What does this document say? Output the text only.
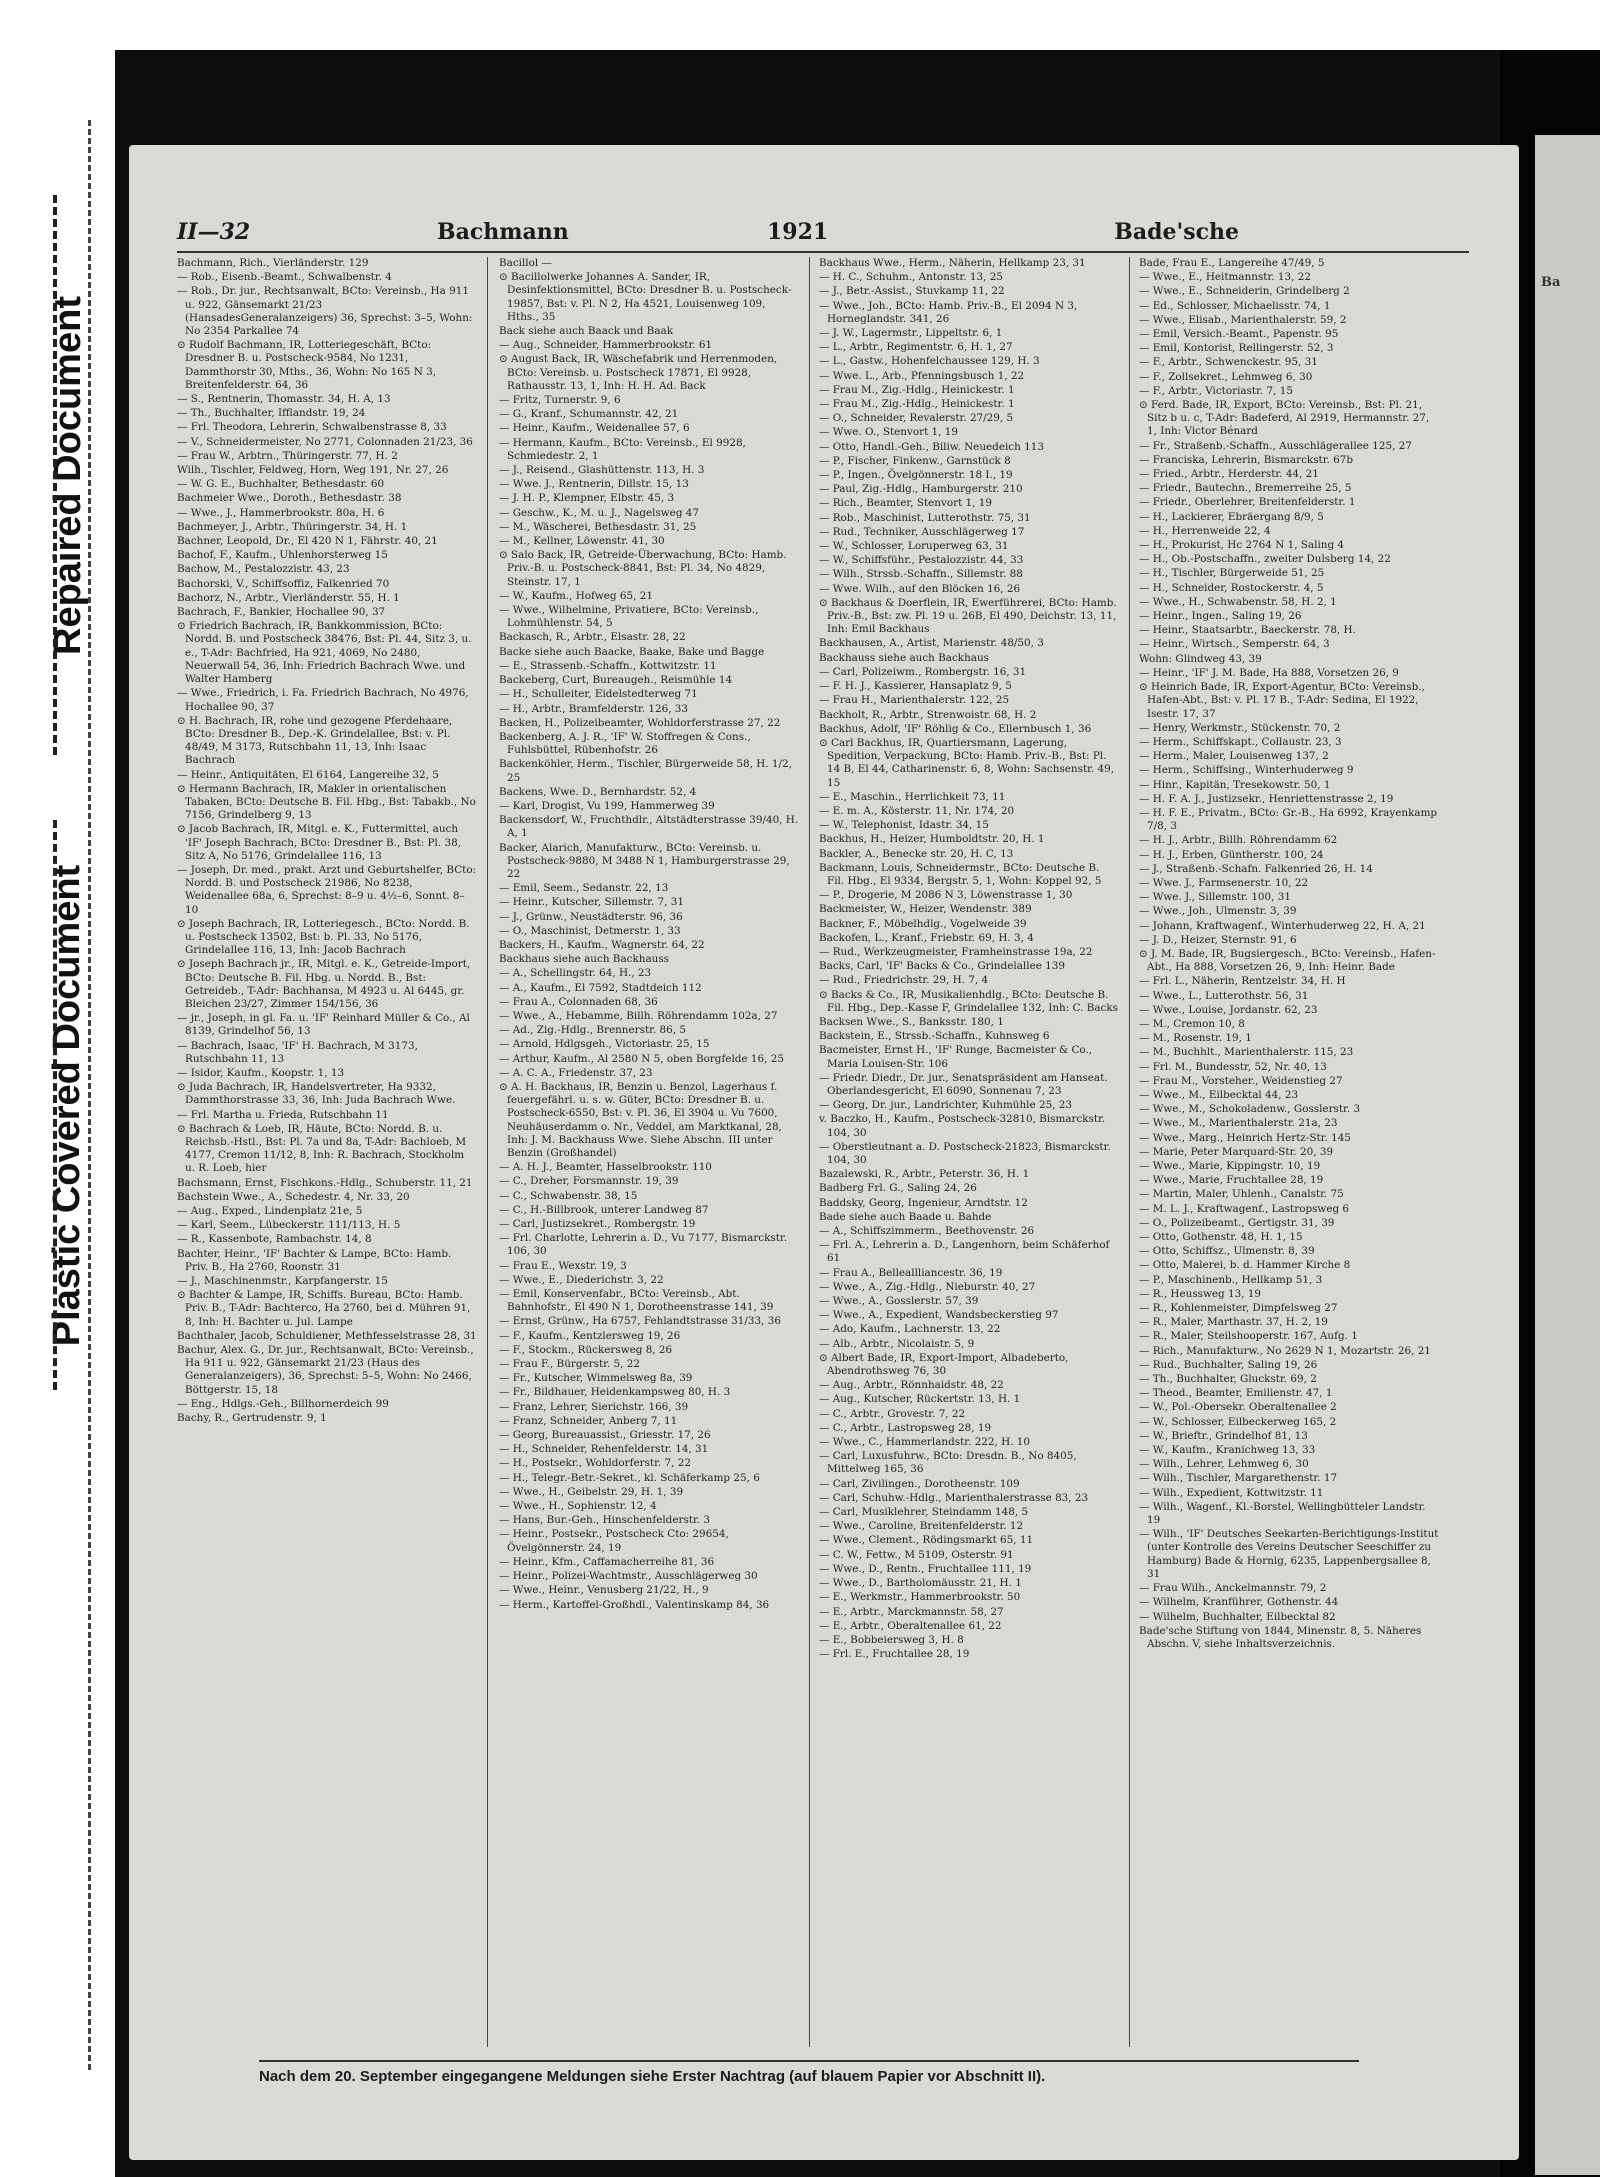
Repaired Document
Plastic Covered Document
Ba
II—32	Bachmann	1921	Bade'sche

Bachmann, Rich., Vierländerstr. 129

— Rob., Eisenb.-Beamt., Schwalbenstr. 4

— Rob., Dr. jur., Rechtsanwalt, BCto: Vereinsb., Ha 911 u. 922, Gänsemarkt 21/23 (HansadesGeneralanzeigers) 36, Sprechst: 3–5, Wohn: No 2354 Parkallee 74

⊙ Rudolf Bachmann, IR, Lotteriegeschäft, BCto: Dresdner B. u. Postscheck-9584, No 1231, Dammthorstr 30, Mths., 36, Wohn: No 165 N 3, Breitenfelderstr. 64, 36

— S., Rentnerin, Thomasstr. 34, H. A, 13

— Th., Buchhalter, Ifflandstr. 19, 24

— Frl. Theodora, Lehrerin, Schwalbenstrasse 8, 33

— V., Schneidermeister, No 2771, Colonnaden 21/23, 36

— Frau W., Arbtrn., Thüringerstr. 77, H. 2

Wilh., Tischler, Feldweg, Horn, Weg 191, Nr. 27, 26

— W. G. E., Buchhalter, Bethesdastr. 60

Bachmeier Wwe., Doroth., Bethesdastr. 38

— Wwe., J., Hammerbrookstr. 80a, H. 6

Bachmeyer, J., Arbtr., Thüringerstr. 34, H. 1

Bachner, Leopold, Dr., El 420 N 1, Fährstr. 40, 21

Bachof, F., Kaufm., Uhlenhorsterweg 15

Bachow, M., Pestalozzistr. 43, 23

Bachorski, V., Schiffsoffiz, Falkenried 70

Bachorz, N., Arbtr., Vierländerstr. 55, H. 1

Bachrach, F., Bankier, Hochallee 90, 37

⊙ Friedrich Bachrach, IR, Bankkommission, BCto: Nordd. B. und Postscheck 38476, Bst: Pl. 44, Sitz 3, u. e., T-Adr: Bachfried, Ha 921, 4069, No 2480, Neuerwall 54, 36, Inh: Friedrich Bachrach Wwe. und Walter Hamberg

— Wwe., Friedrich, i. Fa. Friedrich Bachrach, No 4976, Hochallee 90, 37

⊙ H. Bachrach, IR, rohe und gezogene Pferdehaare, BCto: Dresdner B., Dep.-K. Grindelallee, Bst: v. Pl. 48/49, M 3173, Rutschbahn 11, 13, Inh: Isaac Bachrach

— Heinr., Antiquitäten, El 6164, Langereihe 32, 5

⊙ Hermann Bachrach, IR, Makler in orientalischen Tabaken, BCto: Deutsche B. Fil. Hbg., Bst: Tabakb., No 7156, Grindelberg 9, 13

⊙ Jacob Bachrach, IR, Mitgl. e. K., Futtermittel, auch 'IF' Joseph Bachrach, BCto: Dresdner B., Bst: Pl. 38, Sitz A, No 5176, Grindelallee 116, 13

— Joseph, Dr. med., prakt. Arzt und Geburtshelfer, BCto: Nordd. B. und Postscheck 21986, No 8238, Weidenallee 68a, 6, Sprechst: 8–9 u. 4½–6, Sonnt. 8–10

⊙ Joseph Bachrach, IR, Lotteriegesch., BCto: Nordd. B. u. Postscheck 13502, Bst: b. Pl. 33, No 5176, Grindelallee 116, 13, Inh: Jacob Bachrach

⊙ Joseph Bachrach jr., IR, Mitgl. e. K., Getreide-Import, BCto: Deutsche B. Fil. Hbg. u. Nordd. B., Bst: Getreideb., T-Adr: Bachhansa, M 4923 u. Al 6445, gr. Bleichen 23/27, Zimmer 154/156, 36

— jr., Joseph, in gl. Fa. u. 'IF' Reinhard Müller & Co., Al 8139, Grindelhof 56, 13

— Bachrach, Isaac, 'IF' H. Bachrach, M 3173, Rutschbahn 11, 13

— Isidor, Kaufm., Koopstr. 1, 13

⊙ Juda Bachrach, IR, Handelsvertreter, Ha 9332, Dammthorstrasse 33, 36, Inh: Juda Bachrach Wwe.

— Frl. Martha u. Frieda, Rutschbahn 11

⊙ Bachrach & Loeb, IR, Häute, BCto: Nordd. B. u. Reichsb.-Hstl., Bst: Pl. 7a und 8a, T-Adr: Bachloeb, M 4177, Cremon 11/12, 8, Inh: R. Bachrach, Stockholm u. R. Loeb, hier

Bachsmann, Ernst, Fischkons.-Hdlg., Schuberstr. 11, 21

Bachstein Wwe., A., Schedestr. 4, Nr. 33, 20

— Aug., Exped., Lindenplatz 21e, 5

— Karl, Seem., Lübeckerstr. 111/113, H. 5

— R., Kassenbote, Rambachstr. 14, 8

Bachter, Heinr., 'IF' Bachter & Lampe, BCto: Hamb. Priv. B., Ha 2760, Roonstr. 31

— J., Maschinenmstr., Karpfangerstr. 15

⊙ Bachter & Lampe, IR, Schiffs. Bureau, BCto: Hamb. Priv. B., T-Adr: Bachterco, Ha 2760, bei d. Mühren 91, 8, Inh: H. Bachter u. Jul. Lampe

Bachthaler, Jacob, Schuldiener, Methfesselstrasse 28, 31

Bachur, Alex. G., Dr. jur., Rechtsanwalt, BCto: Vereinsb., Ha 911 u. 922, Gänsemarkt 21/23 (Haus des Generalanzeigers), 36, Sprechst: 5–5, Wohn: No 2466, Böttgerstr. 15, 18

— Eng., Hdlgs.-Geh., Billhornerdeich 99

Bachy, R., Gertrudenstr. 9, 1

Bacillol —

⊙ Bacillolwerke Johannes A. Sander, IR, Desinfektionsmittel, BCto: Dresdner B. u. Postscheck-19857, Bst: v. Pl. N 2, Ha 4521, Louisenweg 109, Hths., 35

Back siehe auch Baack und Baak

— Aug., Schneider, Hammerbrookstr. 61

⊙ August Back, IR, Wäschefabrik und Herrenmoden, BCto: Vereinsb. u. Postscheck 17871, El 9928, Rathausstr. 13, 1, Inh: H. H. Ad. Back

— Fritz, Turnerstr. 9, 6

— G., Kranf., Schumannstr. 42, 21

— Heinr., Kaufm., Weidenallee 57, 6

— Hermann, Kaufm., BCto: Vereinsb., El 9928, Schmiedestr. 2, 1

— J., Reisend., Glashüttenstr. 113, H. 3

— Wwe. J., Rentnerin, Dillstr. 15, 13

— J. H. P., Klempner, Elbstr. 45, 3

— Geschw., K., M. u. J., Nagelsweg 47

— M., Wäscherei, Bethesdastr. 31, 25

— M., Kellner, Löwenstr. 41, 30

⊙ Salo Back, IR, Getreide-Überwachung, BCto: Hamb. Priv.-B. u. Postscheck-8841, Bst: Pl. 34, No 4829, Steinstr. 17, 1

— W., Kaufm., Hofweg 65, 21

— Wwe., Wilhelmine, Privatiere, BCto: Vereinsb., Lohmühlenstr. 54, 5

Backasch, R., Arbtr., Elsastr. 28, 22

Backe siehe auch Baacke, Baake, Bake und Bagge

— E., Strassenb.-Schaffn., Kottwitzstr. 11

Backeberg, Curt, Bureaugeh., Reismühle 14

— H., Schulleiter, Eidelstedterweg 71

— H., Arbtr., Bramfelderstr. 126, 33

Backen, H., Polizeibeamter, Wohldorferstrasse 27, 22

Backenberg, A. J. R., 'IF' W. Stoffregen & Cons., Fuhlsbüttel, Rübenhofstr. 26

Backenköhler, Herm., Tischler, Bürgerweide 58, H. 1/2, 25

Backens, Wwe. D., Bernhardstr. 52, 4

— Karl, Drogist, Vu 199, Hammerweg 39

Backensdorf, W., Fruchthdlr., Altstädterstrasse 39/40, H. A, 1

Backer, Alarich, Manufakturw., BCto: Vereinsb. u. Postscheck-9880, M 3488 N 1, Hamburgerstrasse 29, 22

— Emil, Seem., Sedanstr. 22, 13

— Heinr., Kutscher, Sillemstr. 7, 31

— J., Grünw., Neustädterstr. 96, 36

— O., Maschinist, Detmerstr. 1, 33

Backers, H., Kaufm., Wagnerstr. 64, 22

Backhaus siehe auch Backhauss

— A., Schellingstr. 64, H., 23

— A., Kaufm., El 7592, Stadtdeich 112

— Frau A., Colonnaden 68, 36

— Wwe., A., Hebamme, Billh. Röhrendamm 102a, 27

— Ad., Zig.-Hdlg., Brennerstr. 86, 5

— Arnold, Hdlgsgeh., Victoriastr. 25, 15

— Arthur, Kaufm., Al 2580 N 5, oben Borgfelde 16, 25

— A. C. A., Friedenstr. 37, 23

⊙ A. H. Backhaus, IR, Benzin u. Benzol, Lagerhaus f. feuergefährl. u. s. w. Güter, BCto: Dresdner B. u. Postscheck-6550, Bst: v. Pl. 36, El 3904 u. Vu 7600, Neuhäuserdamm o. Nr., Veddel, am Marktkanal, 28, Inh: J. M. Backhauss Wwe. Siehe Abschn. III unter Benzin (Großhandel)

— A. H. J., Beamter, Hasselbrookstr. 110

— C., Dreher, Forsmannstr. 19, 39

— C., Schwabenstr. 38, 15

— C., H.-Billbrook, unterer Landweg 87

— Carl, Justizsekret., Rombergstr. 19

— Frl. Charlotte, Lehrerin a. D., Vu 7177, Bismarckstr. 106, 30

— Frau E., Wexstr. 19, 3

— Wwe., E., Diederichstr. 3, 22

— Emil, Konservenfabr., BCto: Vereinsb., Abt. Bahnhofstr., El 490 N 1, Dorotheenstrasse 141, 39

— Ernst, Grünw., Ha 6757, Fehlandtstrasse 31/33, 36

— F., Kaufm., Kentzlersweg 19, 26

— F., Stockm., Rückersweg 8, 26

— Frau F., Bürgerstr. 5, 22

— Fr., Kutscher, Wimmelsweg 8a, 39

— Fr., Bildhauer, Heidenkampsweg 80, H. 3

— Franz, Lehrer, Sierichstr. 166, 39

— Franz, Schneider, Anberg 7, 11

— Georg, Bureauassist., Griesstr. 17, 26

— H., Schneider, Rehenfelderstr. 14, 31

— H., Postsekr., Wohldorferstr. 7, 22

— H., Telegr.-Betr.-Sekret., kl. Schäferkamp 25, 6

— Wwe., H., Geibelstr. 29, H. 1, 39

— Wwe., H., Sophienstr. 12, 4

— Hans, Bur.-Geh., Hinschenfelderstr. 3

— Heinr., Postsekr., Postscheck Cto: 29654, Övelgönnerstr. 24, 19

— Heinr., Kfm., Caffamacherreihe 81, 36

— Heinr., Polizei-Wachtmstr., Ausschlägerweg 30

— Wwe., Heinr., Venusberg 21/22, H., 9

— Herm., Kartoffel-Großhdl., Valentinskamp 84, 36

Backhaus Wwe., Herm., Näherin, Hellkamp 23, 31

— H. C., Schuhm., Antonstr. 13, 25

— J., Betr.-Assist., Stuvkamp 11, 22

— Wwe., Joh., BCto: Hamb. Priv.-B., El 2094 N 3, Horneglandstr. 341, 26

— J. W., Lagermstr., Lippeltstr. 6, 1

— L., Arbtr., Regimentstr. 6, H. 1, 27

— L., Gastw., Hohenfelchaussee 129, H. 3

— Wwe. L., Arb., Pfenningsbusch 1, 22

— Frau M., Zig.-Hdlg., Heinickestr. 1

— Frau M., Zig.-Hdlg., Heinickestr. 1

— O., Schneider, Revalerstr. 27/29, 5

— Wwe. O., Stenvort 1, 19

— Otto, Handl.-Geh., Biliw. Neuedeich 113

— P., Fischer, Finkenw., Garnstück 8

— P., Ingen., Övelgönnerstr. 18 I., 19

— Paul, Zig.-Hdlg., Hamburgerstr. 210

— Rich., Beamter, Stenvort 1, 19

— Rob., Maschinist, Lutterothstr. 75, 31

— Rud., Techniker, Ausschlägerweg 17

— W., Schlosser, Loruperweg 63, 31

— W., Schiffsführ., Pestalozzistr. 44, 33

— Wilh., Strssb.-Schaffn., Sillemstr. 88

— Wwe. Wilh., auf den Blöcken 16, 26

⊙ Backhaus & Doerflein, IR, Ewerführerei, BCto: Hamb. Priv.-B., Bst: zw. Pl. 19 u. 26B, El 490, Deichstr. 13, 11, Inh: Emil Backhaus

Backhausen, A., Artist, Marienstr. 48/50, 3

Backhauss siehe auch Backhaus

— Carl, Polizeiwm., Rombergstr. 16, 31

— F. H. J., Kassierer, Hansaplatz 9, 5

— Frau H., Marienthalerstr. 122, 25

Backholt, R., Arbtr., Strenwoistr. 68, H. 2

Backhus, Adolf, 'IF' Röhlig & Co., Ellernbusch 1, 36

⊙ Carl Backhus, IR, Quartiersmann, Lagerung, Spedition, Verpackung, BCto: Hamb. Priv.-B., Bst: Pl. 14 B, El 44, Catharinenstr. 6, 8, Wohn: Sachsenstr. 49, 15

— E., Maschin., Herrlichkeit 73, 11

— E. m. A., Kösterstr. 11, Nr. 174, 20

— W., Telephonist, Idastr. 34, 15

Backhus, H., Heizer, Humboldtstr. 20, H. 1

Backler, A., Benecke str. 20, H. C, 13

Backmann, Louis, Schneidermstr., BCto: Deutsche B. Fil. Hbg., El 9334, Bergstr. 5, 1, Wohn: Koppel 92, 5

— P., Drogerie, M 2086 N 3, Löwenstrasse 1, 30

Backmeister, W., Heizer, Wendenstr. 389

Backner, F., Möbelhdlg., Vogelweide 39

Backofen, L., Kranf., Friebstr. 69, H. 3, 4

— Rud., Werkzeugmeister, Framheinstrasse 19a, 22

Backs, Carl, 'IF' Backs & Co., Grindelallee 139

— Rud., Friedrichstr. 29, H. 7, 4

⊙ Backs & Co., IR, Musikalienhdlg., BCto: Deutsche B. Fil. Hbg., Dep.-Kasse F, Grindelallee 132, Inh: C. Backs

Backsen Wwe., S., Banksstr. 180, 1

Backstein, E., Strssb.-Schaffn., Kuhnsweg 6

Bacmeister, Ernst H., 'IF' Runge, Bacmeister & Co., Maria Louisen-Str. 106

— Friedr. Diedr., Dr. jur., Senatspräsident am Hanseat. Oberlandesgericht, El 6090, Sonnenau 7, 23

— Georg, Dr. jur., Landrichter, Kuhmühle 25, 23

v. Baczko, H., Kaufm., Postscheck-32810, Bismarckstr. 104, 30

— Oberstleutnant a. D. Postscheck-21823, Bismarckstr. 104, 30

Bazalewski, R., Arbtr., Peterstr. 36, H. 1

Badberg Frl. G., Saling 24, 26

Baddsky, Georg, Ingenieur, Arndtstr. 12

Bade siehe auch Baade u. Bahde

— A., Schiffszimmerm., Beethovenstr. 26

— Frl. A., Lehrerin a. D., Langenhorn, beim Schäferhof 61

— Frau A., Belleallliancestr. 36, 19

— Wwe., A., Zig.-Hdlg., Nieburstr. 40, 27

— Wwe., A., Gosslerstr. 57, 39

— Wwe., A., Expedient, Wandsbeckerstieg 97

— Ado, Kaufm., Lachnerstr. 13, 22

— Alb., Arbtr., Nicolaistr. 5, 9

⊙ Albert Bade, IR, Export-Import, Albadeberto, Abendrothsweg 76, 30

— Aug., Arbtr., Rönnhaidstr. 48, 22

— Aug., Kutscher, Rückertstr. 13, H. 1

— C., Arbtr., Grovestr. 7, 22

— C., Arbtr., Lastropsweg 28, 19

— Wwe., C., Hammerlandstr. 222, H. 10

— Carl, Luxusfuhrw., BCto: Dresdn. B., No 8405, Mittelweg 165, 36

— Carl, Zivilingen., Dorotheenstr. 109

— Carl, Schuhw.-Hdlg., Marienthalerstrasse 83, 23

— Carl, Musiklehrer, Steindamm 148, 5

— Wwe., Caroline, Breitenfelderstr. 12

— Wwe., Clement., Rödingsmarkt 65, 11

— C. W., Fettw., M 5109, Osterstr. 91

— Wwe., D., Rentn., Fruchtallee 111, 19

— Wwe., D., Bartholomäusstr. 21, H. 1

— E., Werkmstr., Hammerbrookstr. 50

— E., Arbtr., Marckmannstr. 58, 27

— E., Arbtr., Oberaltenallee 61, 22

— E., Bobbeiersweg 3, H. 8

— Frl. E., Fruchtallee 28, 19

Bade, Frau E., Langereihe 47/49, 5

— Wwe., E., Heitmannstr. 13, 22

— Wwe., E., Schneiderin, Grindelberg 2

— Ed., Schlosser, Michaelisstr. 74, 1

— Wwe., Elisab., Marienthalerstr. 59, 2

— Emil, Versich.-Beamt., Papenstr. 95

— Emil, Kontorist, Rellingerstr. 52, 3

— F., Arbtr., Schwenckestr. 95, 31

— F., Zollsekret., Lehmweg 6, 30

— F., Arbtr., Victoriastr. 7, 15

⊙ Ferd. Bade, IR, Export, BCto: Vereinsb., Bst: Pl. 21, Sitz b u. c, T-Adr: Badeferd, Al 2919, Hermannstr. 27, 1, Inh: Victor Bénard

— Fr., Straßenb.-Schaffn., Ausschlägerallee 125, 27

— Franciska, Lehrerin, Bismarckstr. 67b

— Fried., Arbtr., Herderstr. 44, 21

— Friedr., Bautechn., Bremerreihe 25, 5

— Friedr., Oberlehrer, Breitenfelderstr. 1

— H., Lackierer, Ebräergang 8/9, 5

— H., Herrenweide 22, 4

— H., Prokurist, Hc 2764 N 1, Saling 4

— H., Ob.-Postschaffn., zweiter Dulsberg 14, 22

— H., Tischler, Bürgerweide 51, 25

— H., Schneider, Rostockerstr. 4, 5

— Wwe., H., Schwabenstr. 58, H. 2, 1

— Heinr., Ingen., Saling 19, 26

— Heinr., Staatsarbtr., Baeckerstr. 78, H.

— Heinr., Wirtsch., Semperstr. 64, 3

Wohn: Glindweg 43, 39

— Heinr., 'IF' J. M. Bade, Ha 888, Vorsetzen 26, 9

⊙ Heinrich Bade, IR, Export-Agentur, BCto: Vereinsb., Hafen-Abt., Bst: v. Pl. 17 B., T-Adr: Sedina, El 1922, Isestr. 17, 37

— Henry, Werkmstr., Stückenstr. 70, 2

— Herm., Schiffskapt., Collaustr. 23, 3

— Herm., Maler, Louisenweg 137, 2

— Herm., Schiffsing., Winterhuderweg 9

— Hinr., Kapitän, Tresekowstr. 50, 1

— H. F. A. J., Justizsekr., Henriettenstrasse 2, 19

— H. F. E., Privatm., BCto: Gr.-B., Ha 6992, Krayenkamp 7/8, 3

— H. J., Arbtr., Billh. Röhrendamm 62

— H. J., Erben, Güntherstr. 100, 24

— J., Straßenb.-Schafn. Falkenried 26, H. 14

— Wwe. J., Farmsenerstr. 10, 22

— Wwe. J., Sillemstr. 100, 31

— Wwe., Joh., Ulmenstr. 3, 39

— Johann, Kraftwagenf., Winterhuderweg 22, H. A, 21

— J. D., Heizer, Sternstr. 91, 6

⊙ J. M. Bade, IR, Bugsiergesch., BCto: Vereinsb., Hafen-Abt., Ha 888, Vorsetzen 26, 9, Inh: Heinr. Bade

— Frl. L., Näherin, Rentzelstr. 34, H. H

— Wwe., L., Lutterothstr. 56, 31

— Wwe., Louise, Jordanstr. 62, 23

— M., Cremon 10, 8

— M., Rosenstr. 19, 1

— M., Buchhlt., Marienthalerstr. 115, 23

— Frl. M., Bundesstr, 52, Nr. 40, 13

— Frau M., Vorsteher., Weidenstieg 27

— Wwe., M., Eilbecktal 44, 23

— Wwe., M., Schokoladenw., Gosslerstr. 3

— Wwe., M., Marienthalerstr. 21a, 23

— Wwe., Marg., Heinrich Hertz-Str. 145

— Marie, Peter Marquard-Str. 20, 39

— Wwe., Marie, Kippingstr. 10, 19

— Wwe., Marie, Fruchtallee 28, 19

— Martin, Maler, Uhlenh., Canalstr. 75

— M. L. J., Kraftwagenf., Lastropsweg 6

— O., Polizeibeamt., Gertigstr. 31, 39

— Otto, Gothenstr. 48, H. 1, 15

— Otto, Schiffsz., Ulmenstr. 8, 39

— Otto, Malerei, b. d. Hammer Kirche 8

— P., Maschinenb., Hellkamp 51, 3

— R., Heussweg 13, 19

— R., Kohlenmeister, Dimpfelsweg 27

— R., Maler, Marthastr. 37, H. 2, 19

— R., Maler, Steilshooperstr. 167, Aufg. 1

— Rich., Manufakturw., No 2629 N 1, Mozartstr. 26, 21

— Rud., Buchhalter, Saling 19, 26

— Th., Buchhalter, Gluckstr. 69, 2

— Theod., Beamter, Emilienstr. 47, 1

— W., Pol.-Obersekr. Oberaltenallee 2

— W., Schlosser, Eilbeckerweg 165, 2

— W., Brieftr., Grindelhof 81, 13

— W., Kaufm., Kranichweg 13, 33

— Wilh., Lehrer, Lehmweg 6, 30

— Wilh., Tischler, Margarethenstr. 17

— Wilh., Expedient, Kottwitzstr. 11

— Wilh., Wagenf., Kl.-Borstel, Wellingbütteler Landstr. 19

— Wilh., 'IF' Deutsches Seekarten-Berichtigungs-Institut (unter Kontrolle des Vereins Deutscher Seeschiffer zu Hamburg) Bade & Hornig, 6235, Lappenbergsallee 8, 31

— Frau Wilh., Anckelmannstr. 79, 2

— Wilhelm, Kranführer, Gothenstr. 44

— Wilhelm, Buchhalter, Eilbecktal 82

Bade'sche Stiftung von 1844, Minenstr. 8, 5. Näheres Abschn. V, siehe Inhaltsverzeichnis.

Nach dem 20. September eingegangene Meldungen siehe Erster Nachtrag (auf blauem Papier vor Abschnitt II).
